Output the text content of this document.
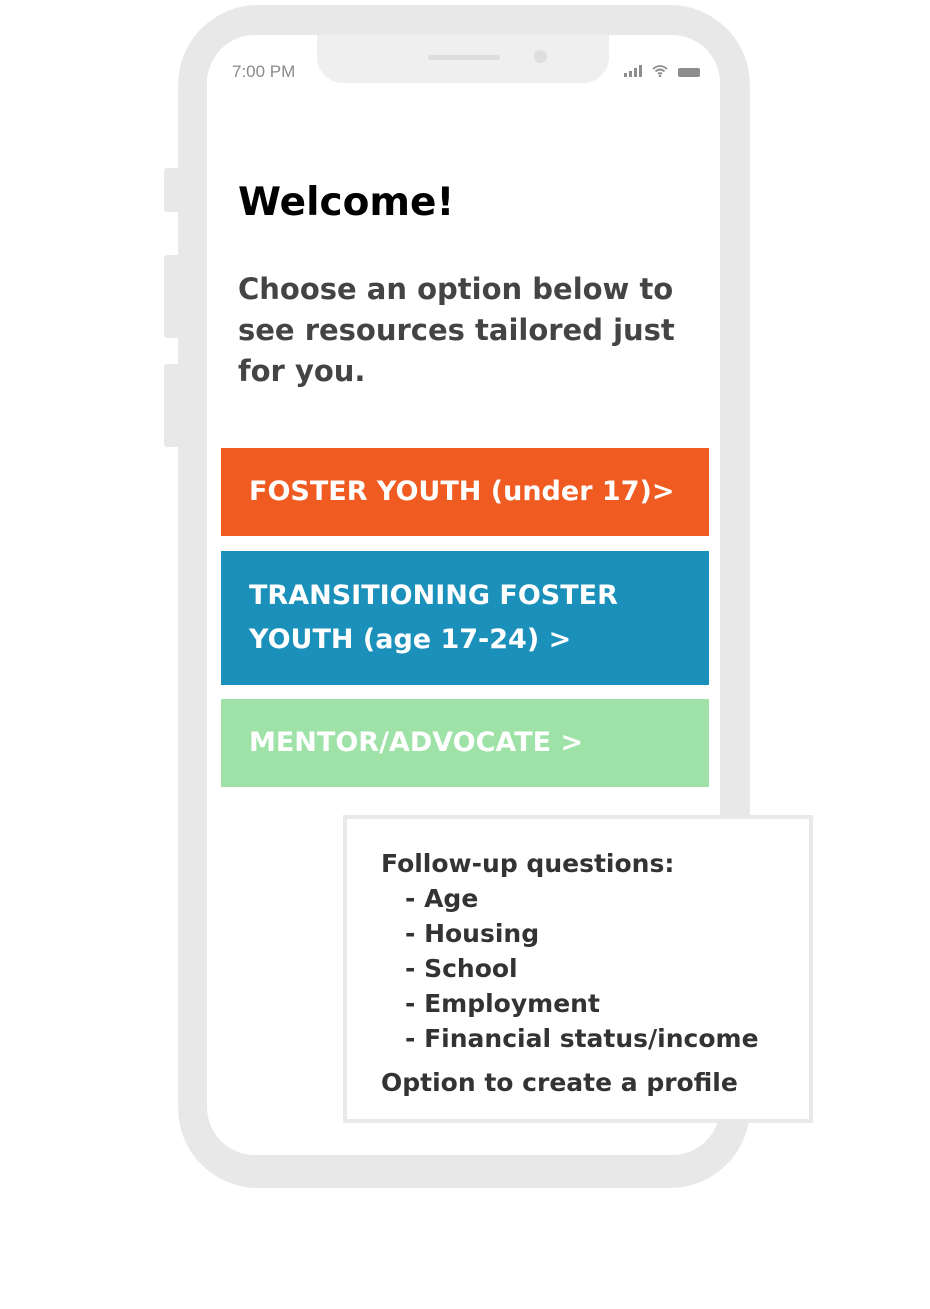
7:00 PM
Welcome!

Choose an option below to see resources tailored just for you.

FOSTER YOUTH (under 17)>
TRANSITIONING FOSTER YOUTH (age 17-24) >
MENTOR/ADVOCATE >

Follow-up questions:

- Age
- Housing
- School
- Employment
- Financial status/income

Option to create a profile
